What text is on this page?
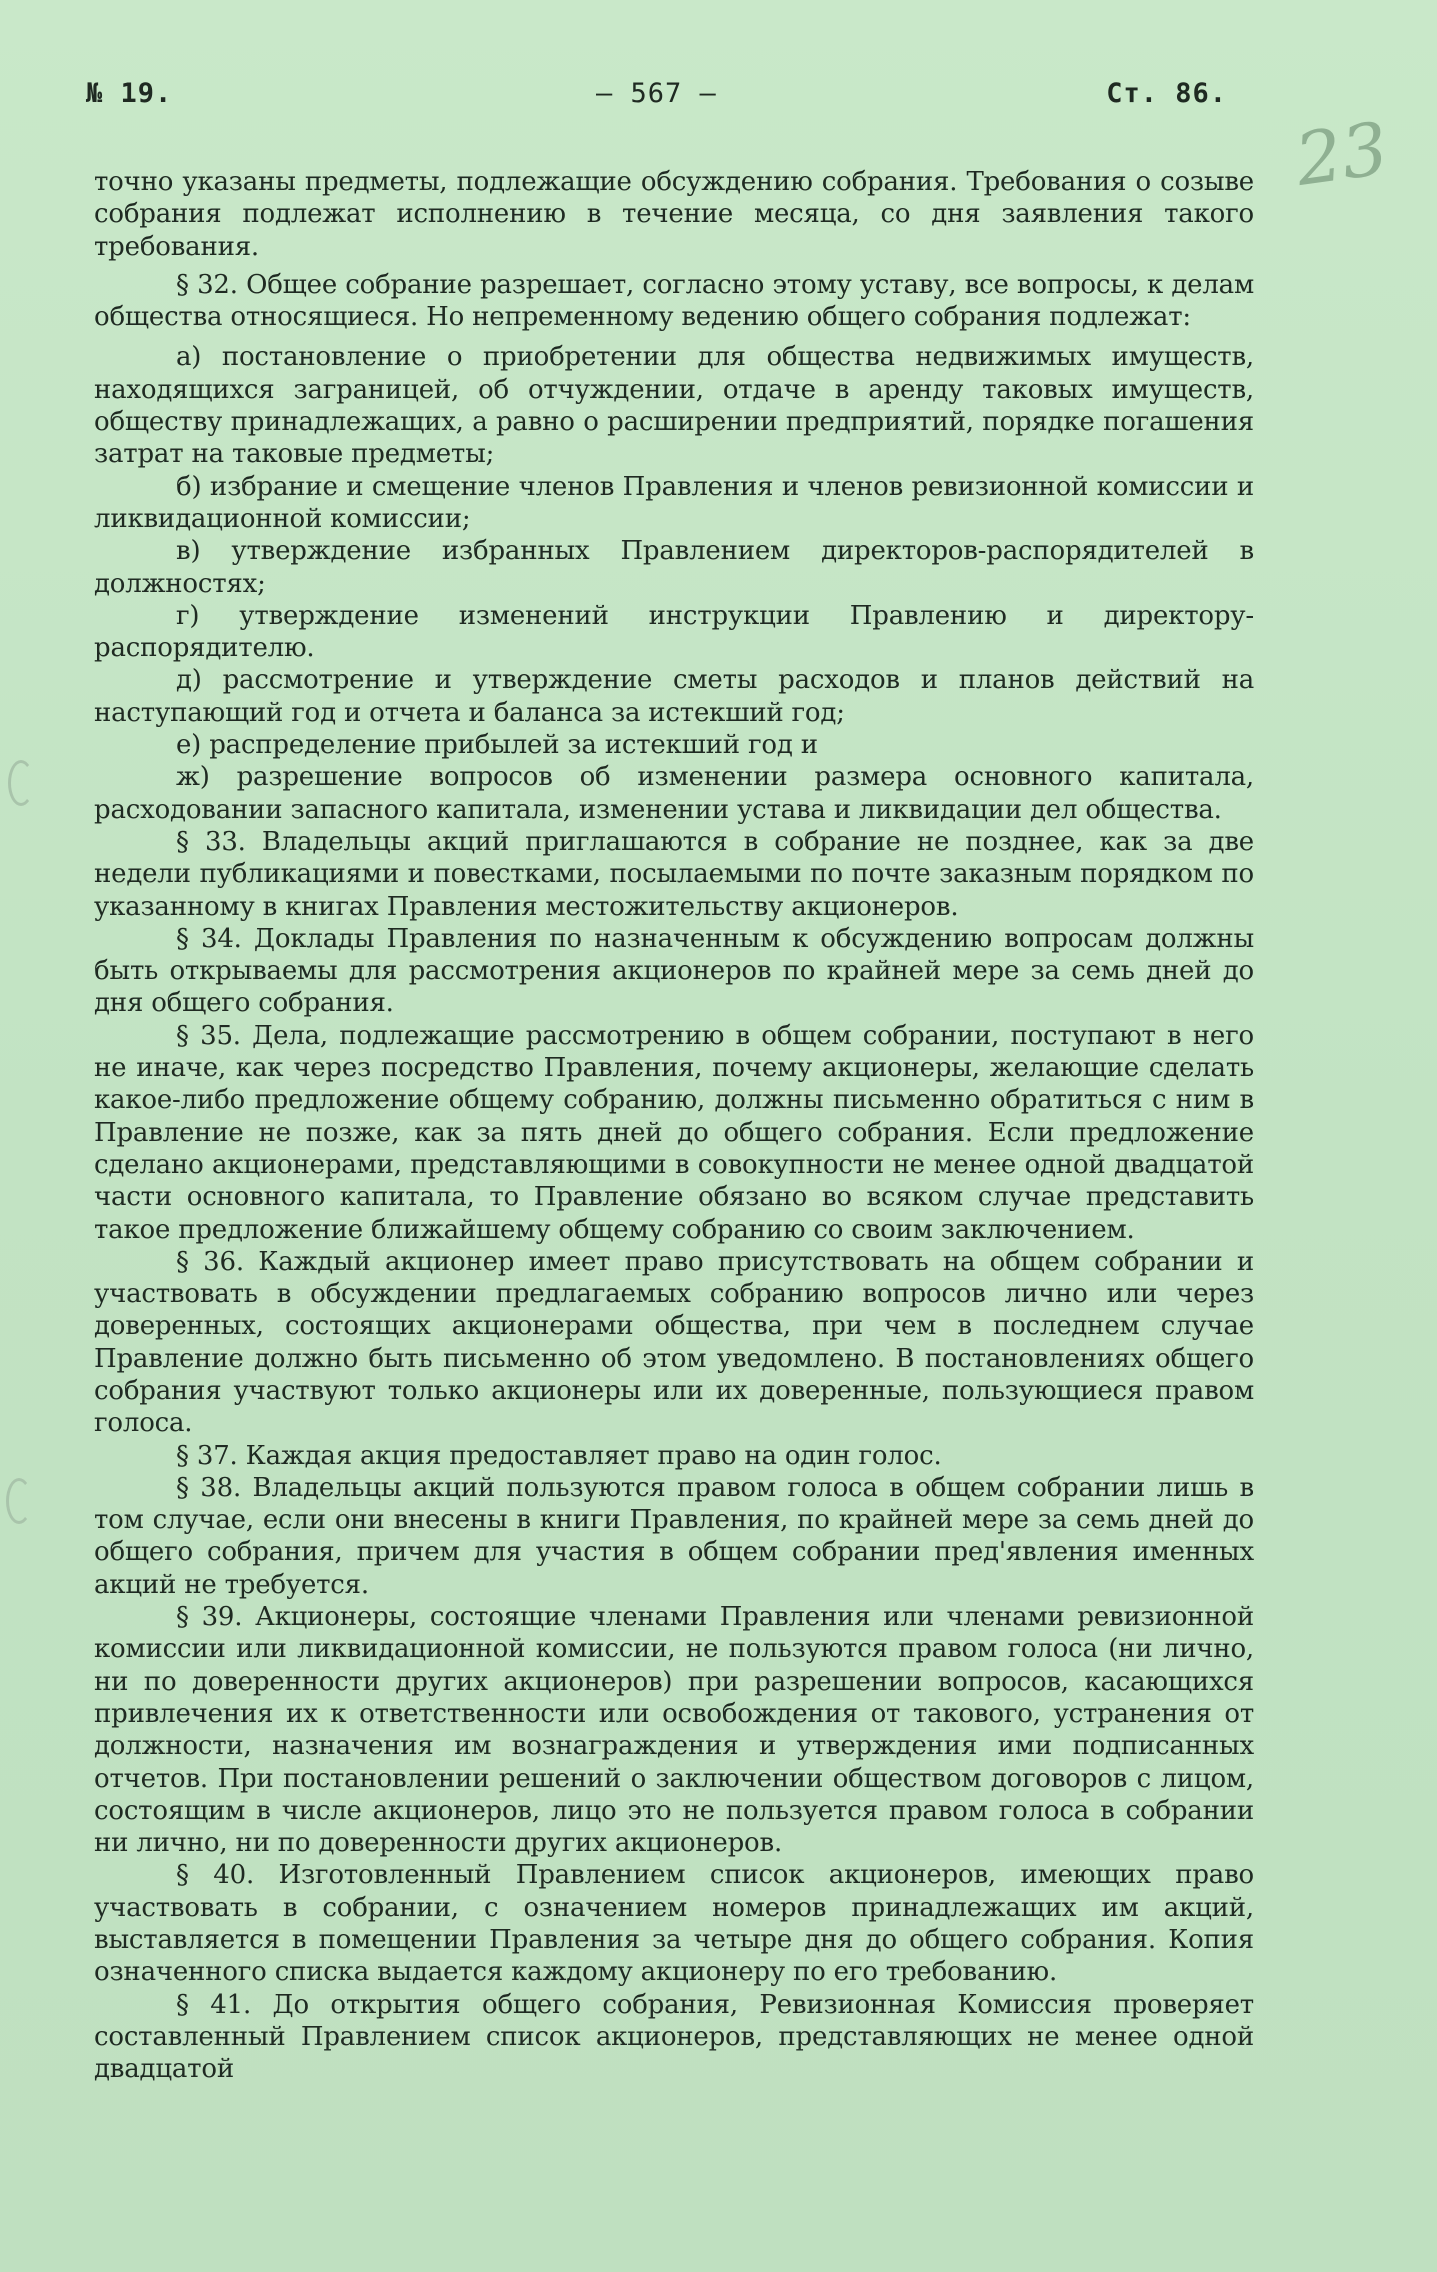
№ 19.	— 567 —	Ст. 86.
23

точно указаны предметы, подлежащие обсуждению собрания. Требования о созыве собрания подлежат исполнению в течение месяца, со дня заявления такого требования.

§ 32. Общее собрание разрешает, согласно этому уставу, все вопросы, к делам общества относящиеся. Но непременному ведению общего собрания подлежат:

а) постановление о приобретении для общества недвижимых имуществ, находящихся заграницей, об отчуждении, отдаче в аренду таковых имуществ, обществу принадлежащих, а равно о расширении предприятий, порядке погашения затрат на таковые предметы;

б) избрание и смещение членов Правления и членов ревизионной комиссии и ликвидационной комиссии;

в) утверждение избранных Правлением директоров-распорядителей в должностях;

г) утверждение изменений инструкции Правлению и директору-распорядителю.

д) рассмотрение и утверждение сметы расходов и планов действий на наступающий год и отчета и баланса за истекший год;

е) распределение прибылей за истекший год и

ж) разрешение вопросов об изменении размера основного капитала, расходовании запасного капитала, изменении устава и ликвидации дел общества.

§ 33. Владельцы акций приглашаются в собрание не позднее, как за две недели публикациями и повестками, посылаемыми по почте заказным порядком по указанному в книгах Правления местожительству акционеров.

§ 34. Доклады Правления по назначенным к обсуждению вопросам должны быть открываемы для рассмотрения акционеров по крайней мере за семь дней до дня общего собрания.

§ 35. Дела, подлежащие рассмотрению в общем собрании, поступают в него не иначе, как через посредство Правления, почему акционеры, желающие сделать какое-либо предложение общему собранию, должны письменно обратиться с ним в Правление не позже, как за пять дней до общего собрания. Если предложение сделано акционерами, представляющими в совокупности не менее одной двадцатой части основного капитала, то Правление обязано во всяком случае представить такое предложение ближайшему общему собранию со своим заключением.

§ 36. Каждый акционер имеет право присутствовать на общем собрании и участвовать в обсуждении предлагаемых собранию вопросов лично или через доверенных, состоящих акционерами общества, при чем в последнем случае Правление должно быть письменно об этом уведомлено. В постановлениях общего собрания участвуют только акционеры или их доверенные, пользующиеся правом голоса.

§ 37. Каждая акция предоставляет право на один голос.

§ 38. Владельцы акций пользуются правом голоса в общем собрании лишь в том случае, если они внесены в книги Правления, по крайней мере за семь дней до общего собрания, причем для участия в общем собрании пред'явления именных акций не требуется.

§ 39. Акционеры, состоящие членами Правления или членами ревизионной комиссии или ликвидационной комиссии, не пользуются правом голоса (ни лично, ни по доверенности других акционеров) при разрешении вопросов, касающихся привлечения их к ответственности или освобождения от такового, устранения от должности, назначения им вознаграждения и утверждения ими подписанных отчетов. При постановлении решений о заключении обществом договоров с лицом, состоящим в числе акционеров, лицо это не пользуется правом голоса в собрании ни лично, ни по доверенности других акционеров.

§ 40. Изготовленный Правлением список акционеров, имеющих право участвовать в собрании, с означением номеров принадлежащих им акций, выставляется в помещении Правления за четыре дня до общего собрания. Копия означенного списка выдается каждому акционеру по его требованию.

§ 41. До открытия общего собрания, Ревизионная Комиссия проверяет составленный Правлением список акционеров, представляющих не менее одной двадцатой
